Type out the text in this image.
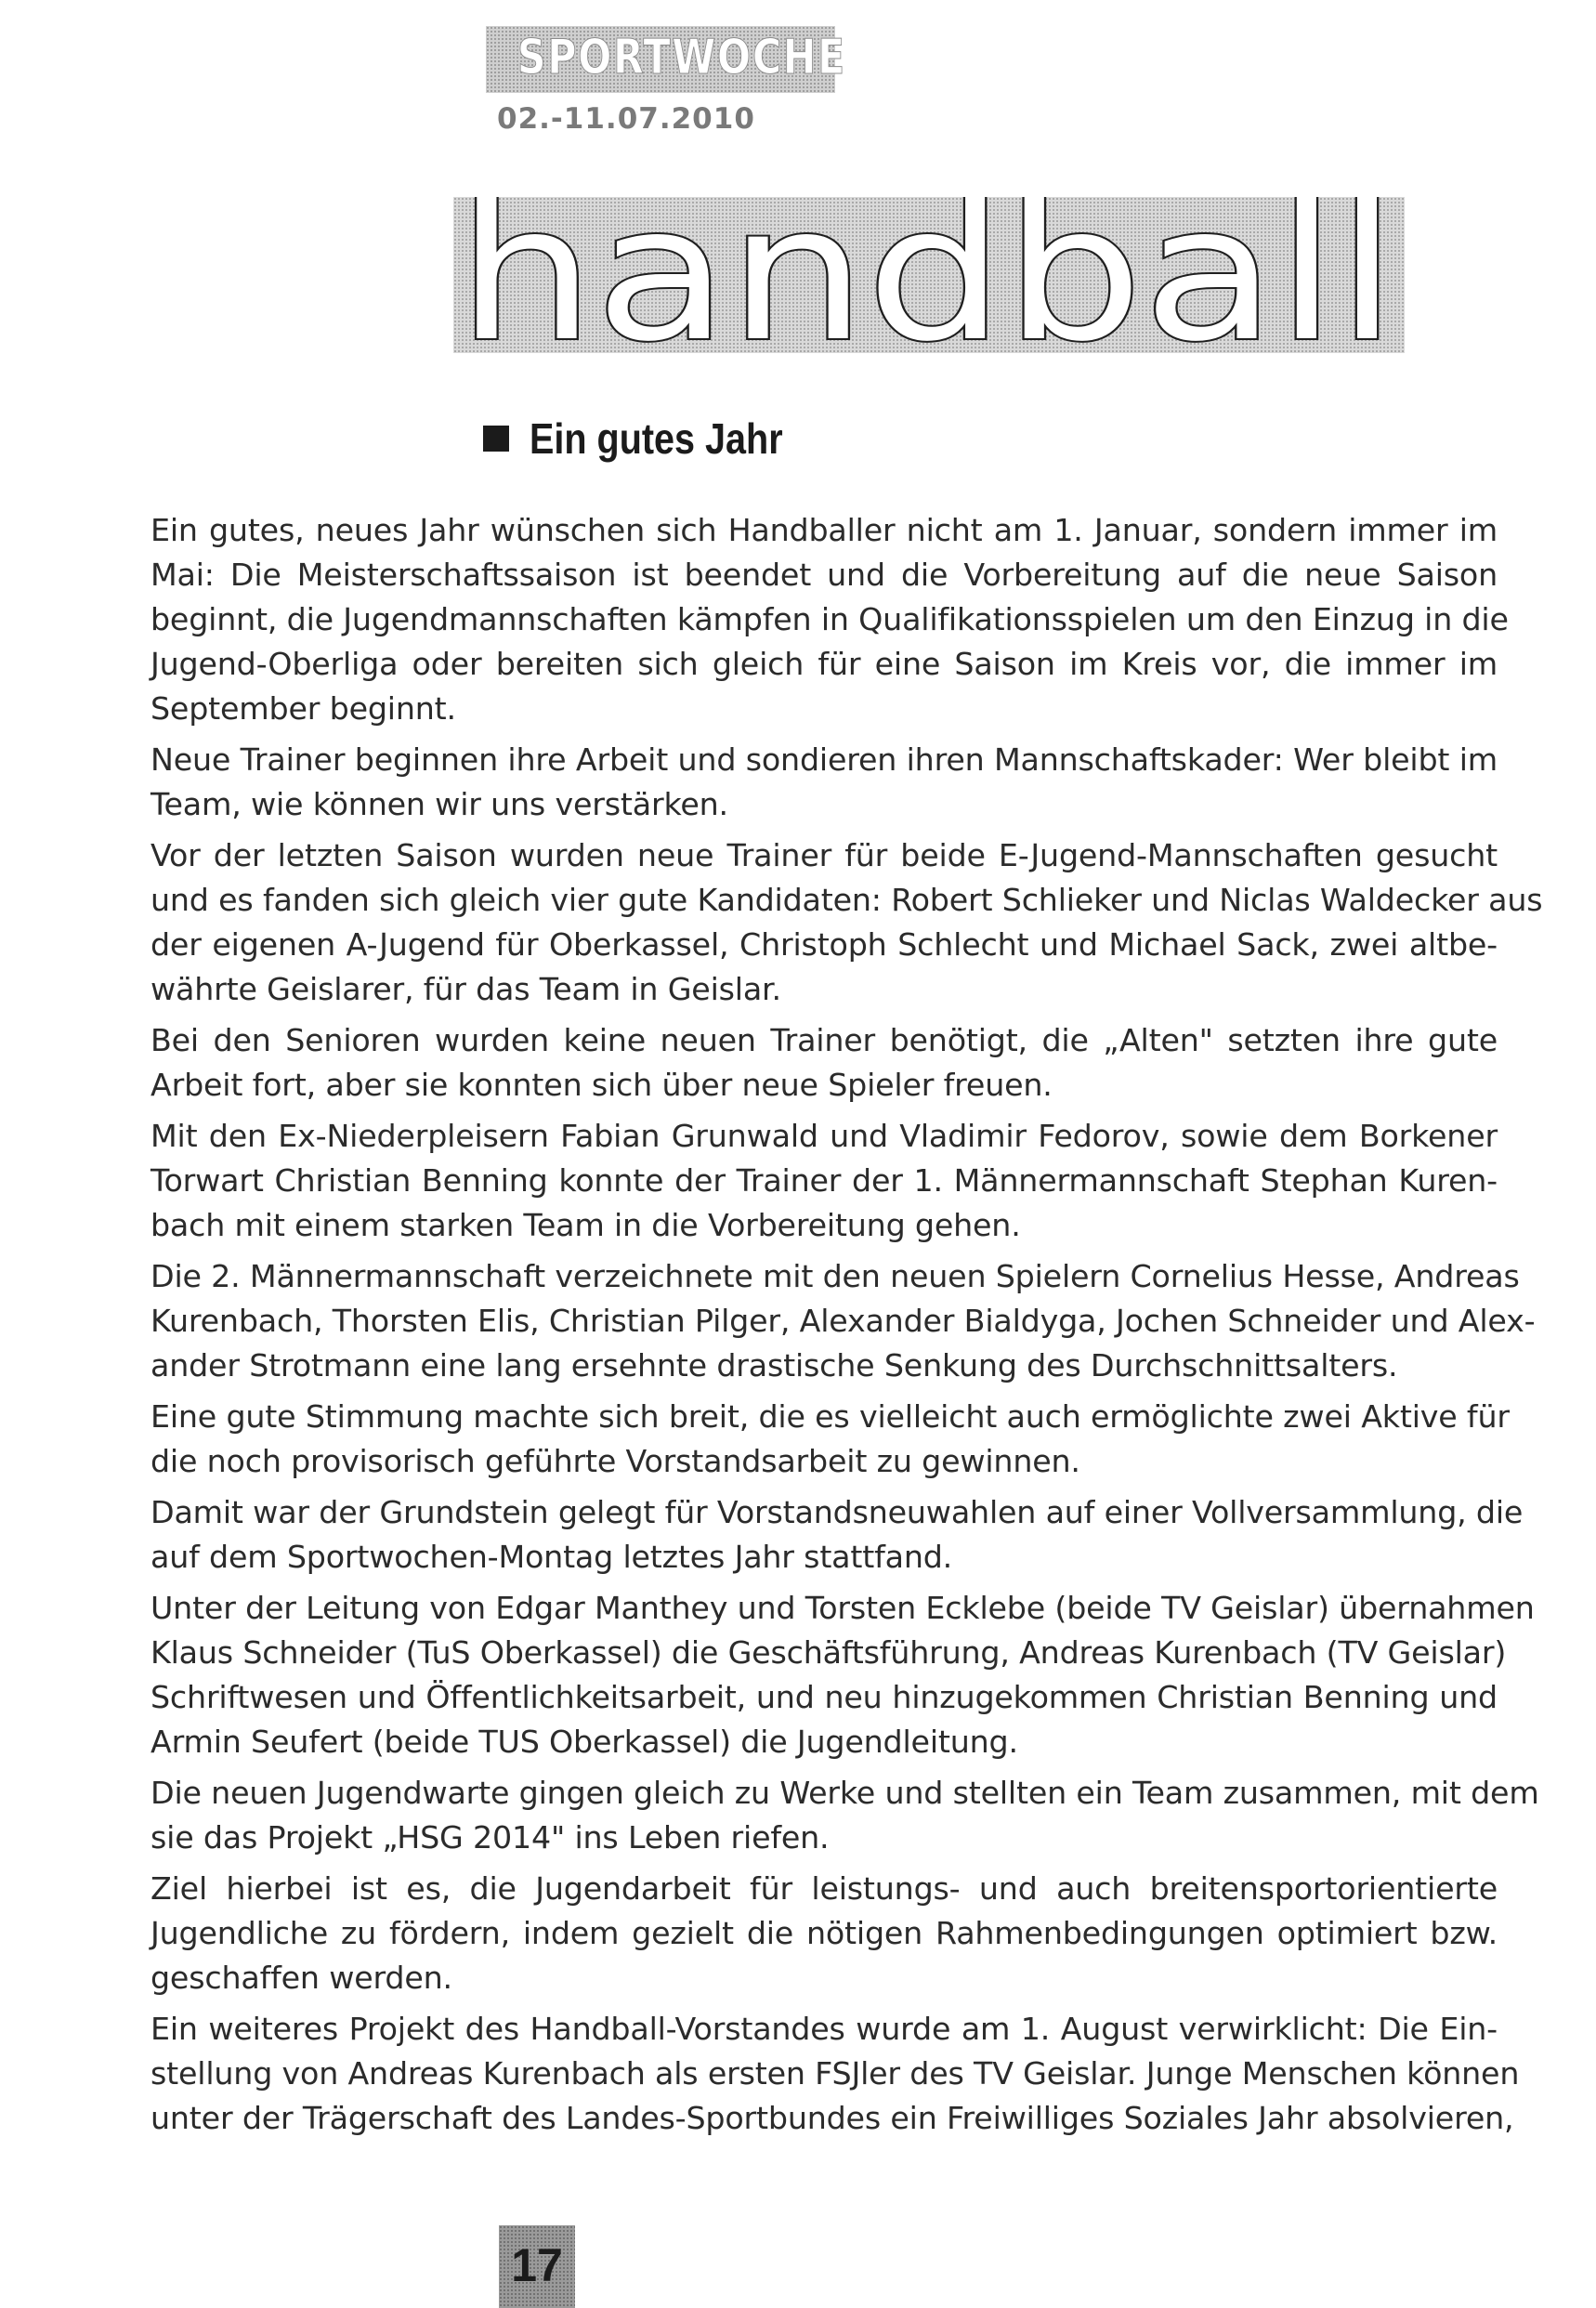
SPORTWOCHE
02.-11.07.2010
handball
Ein gutes Jahr

Ein gutes, neues Jahr wünschen sich Handballer nicht am 1. Januar, sondern immer im
Mai: Die Meisterschaftssaison ist beendet und die Vorbereitung auf die neue Saison
beginnt, die Jugendmannschaften kämpfen in Qualifikationsspielen um den Einzug in die
Jugend-Oberliga oder bereiten sich gleich für eine Saison im Kreis vor, die immer im
September beginnt.

Neue Trainer beginnen ihre Arbeit und sondieren ihren Mannschaftskader: Wer bleibt im
Team, wie können wir uns verstärken.

Vor der letzten Saison wurden neue Trainer für beide E-Jugend-Mannschaften gesucht
und es fanden sich gleich vier gute Kandidaten: Robert Schlieker und Niclas Waldecker aus
der eigenen A-Jugend für Oberkassel, Christoph Schlecht und Michael Sack, zwei altbe-
währte Geislarer, für das Team in Geislar.

Bei den Senioren wurden keine neuen Trainer benötigt, die „Alten" setzten ihre gute
Arbeit fort, aber sie konnten sich über neue Spieler freuen.

Mit den Ex-Niederpleisern Fabian Grunwald und Vladimir Fedorov, sowie dem Borkener
Torwart Christian Benning konnte der Trainer der 1. Männermannschaft Stephan Kuren-
bach mit einem starken Team in die Vorbereitung gehen.

Die 2. Männermannschaft verzeichnete mit den neuen Spielern Cornelius Hesse, Andreas
Kurenbach, Thorsten Elis, Christian Pilger, Alexander Bialdyga, Jochen Schneider und Alex-
ander Strotmann eine lang ersehnte drastische Senkung des Durchschnittsalters.

Eine gute Stimmung machte sich breit, die es vielleicht auch ermöglichte zwei Aktive für
die noch provisorisch geführte Vorstandsarbeit zu gewinnen.

Damit war der Grundstein gelegt für Vorstandsneuwahlen auf einer Vollversammlung, die
auf dem Sportwochen-Montag letztes Jahr stattfand.

Unter der Leitung von Edgar Manthey und Torsten Ecklebe (beide TV Geislar) übernahmen
Klaus Schneider (TuS Oberkassel) die Geschäftsführung, Andreas Kurenbach (TV Geislar)
Schriftwesen und Öffentlichkeitsarbeit, und neu hinzugekommen Christian Benning und
Armin Seufert (beide TUS Oberkassel) die Jugendleitung.

Die neuen Jugendwarte gingen gleich zu Werke und stellten ein Team zusammen, mit dem
sie das Projekt „HSG 2014" ins Leben riefen.

Ziel hierbei ist es, die Jugendarbeit für leistungs- und auch breitensportorientierte
Jugendliche zu fördern, indem gezielt die nötigen Rahmenbedingungen optimiert bzw.
geschaffen werden.

Ein weiteres Projekt des Handball-Vorstandes wurde am 1. August verwirklicht: Die Ein-
stellung von Andreas Kurenbach als ersten FSJler des TV Geislar. Junge Menschen können
unter der Trägerschaft des Landes-Sportbundes ein Freiwilliges Soziales Jahr absolvieren,

17
